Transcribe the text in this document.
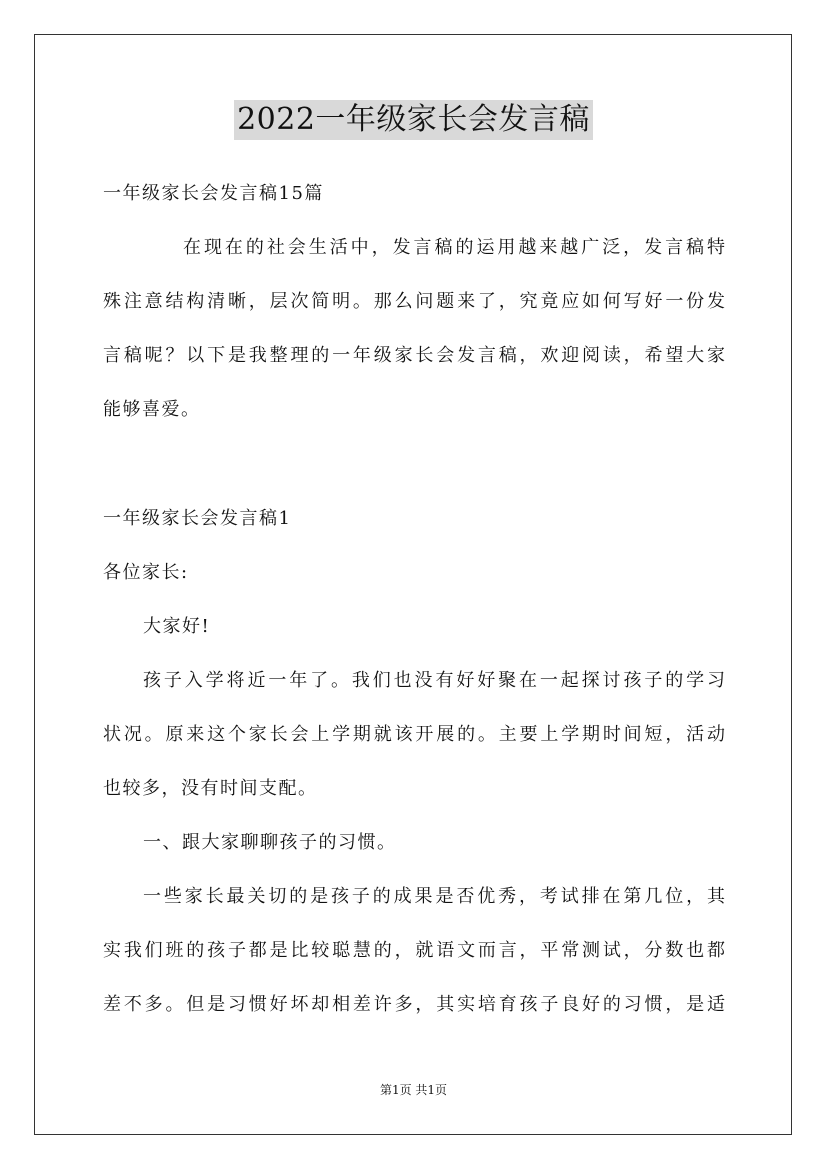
2022一年级家长会发言稿
一年级家长会发言稿15篇
在现在的社会生活中，发言稿的运用越来越广泛，发言稿特
殊注意结构清晰，层次简明。那么问题来了，究竟应如何写好一份发
言稿呢？以下是我整理的一年级家长会发言稿，欢迎阅读，希望大家
能够喜爱。
一年级家长会发言稿1
各位家长:
大家好!
孩子入学将近一年了。我们也没有好好聚在一起探讨孩子的学习
状况。原来这个家长会上学期就该开展的。主要上学期时间短，活动
也较多，没有时间支配。
一、跟大家聊聊孩子的习惯。
一些家长最关切的是孩子的成果是否优秀，考试排在第几位，其
实我们班的孩子都是比较聪慧的，就语文而言，平常测试，分数也都
差不多。但是习惯好坏却相差许多，其实培育孩子良好的习惯，是适
第1页 共1页
